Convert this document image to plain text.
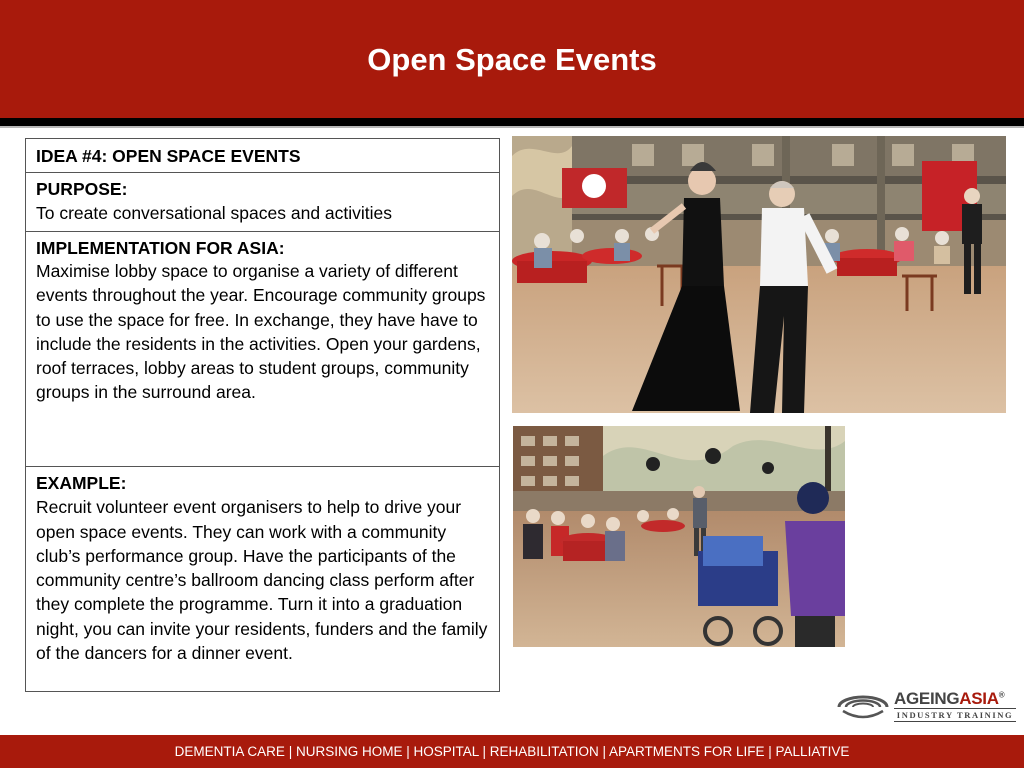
Open Space Events
IDEA #4: OPEN SPACE EVENTS
PURPOSE:
To create conversational spaces and activities
IMPLEMENTATION FOR ASIA:
Maximise lobby space to organise a variety of different events throughout the year. Encourage community groups to use the space for free. In exchange, they have have to include the residents in the activities. Open your gardens, roof terraces, lobby areas to student groups, community groups in the surround area.
EXAMPLE:
Recruit volunteer event organisers to help to drive your open space events. They can work with a community club’s performance group. Have the participants of the community centre’s ballroom dancing class perform after they complete the programme. Turn it into a graduation night, you can invite your residents, funders and the family of the dancers for a dinner event.
AGEINGASIA®
INDUSTRY TRAINING
DEMENTIA CARE | NURSING HOME | HOSPITAL | REHABILITATION | APARTMENTS FOR LIFE | PALLIATIVE
